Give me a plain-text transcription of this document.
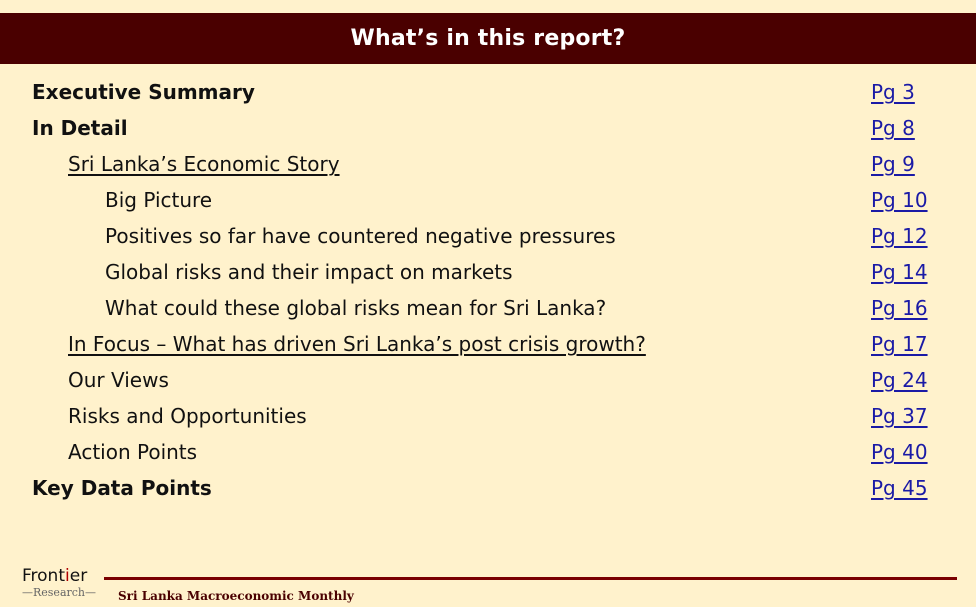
What’s in this report?
Executive Summary	Pg 3
In Detail	Pg 8
Sri Lanka’s Economic Story	Pg 9
Big Picture	Pg 10
Positives so far have countered negative pressures	Pg 12
Global risks and their impact on markets	Pg 14
What could these global risks mean for Sri Lanka?	Pg 16
In Focus – What has driven Sri Lanka’s post crisis growth?	Pg 17
Our Views	Pg 24
Risks and Opportunities	Pg 37
Action Points	Pg 40
Key Data Points	Pg 45
Frontier
—Research— Sri Lanka Macroeconomic Monthly
